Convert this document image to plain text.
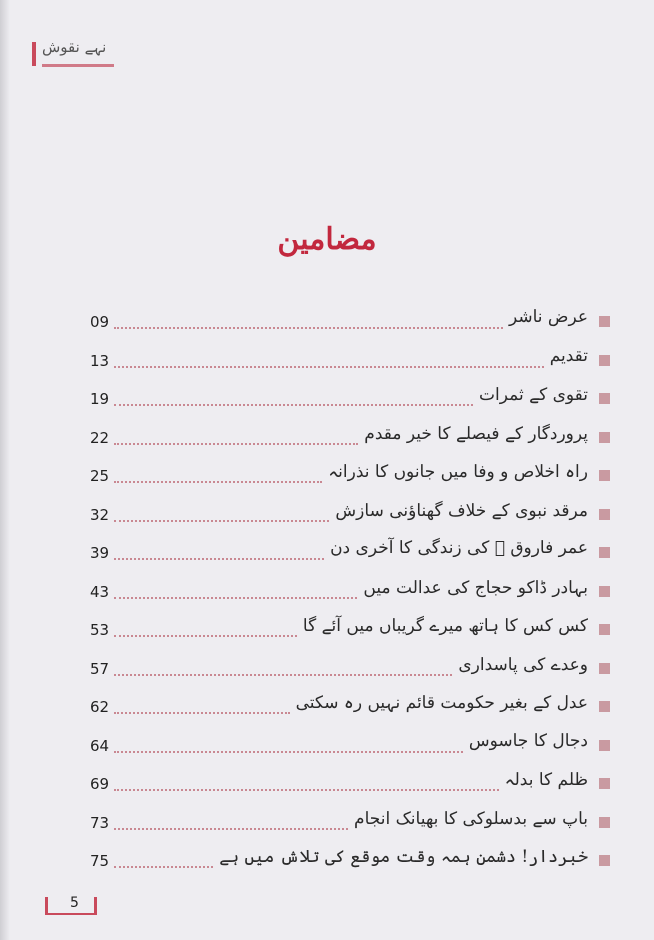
نہے نقوش
مضامین
عرض ناشر
09
تقدیم
13
تقوی کے ثمرات
19
پروردگار کے فیصلے کا خیر مقدم
22
راہ اخلاص و وفا میں جانوں کا نذرانہ
25
مرقد نبوی کے خلاف گھناؤنی سازش
32
عمر فاروق ﷜ کی زندگی کا آخری دن
39
بہادر ڈاکو حجاج کی عدالت میں
43
کس کس کا ہاتھ میرے گریباں میں آئے گا
53
وعدے کی پاسداری
57
عدل کے بغیر حکومت قائم نہیں رہ سکتی
62
دجال کا جاسوس
64
ظلم کا بدلہ
69
باپ سے بدسلوکی کا بھیانک انجام
73
خبردار! دشمن ہمہ وقت موقع کی تلاش میں ہے
75
5
